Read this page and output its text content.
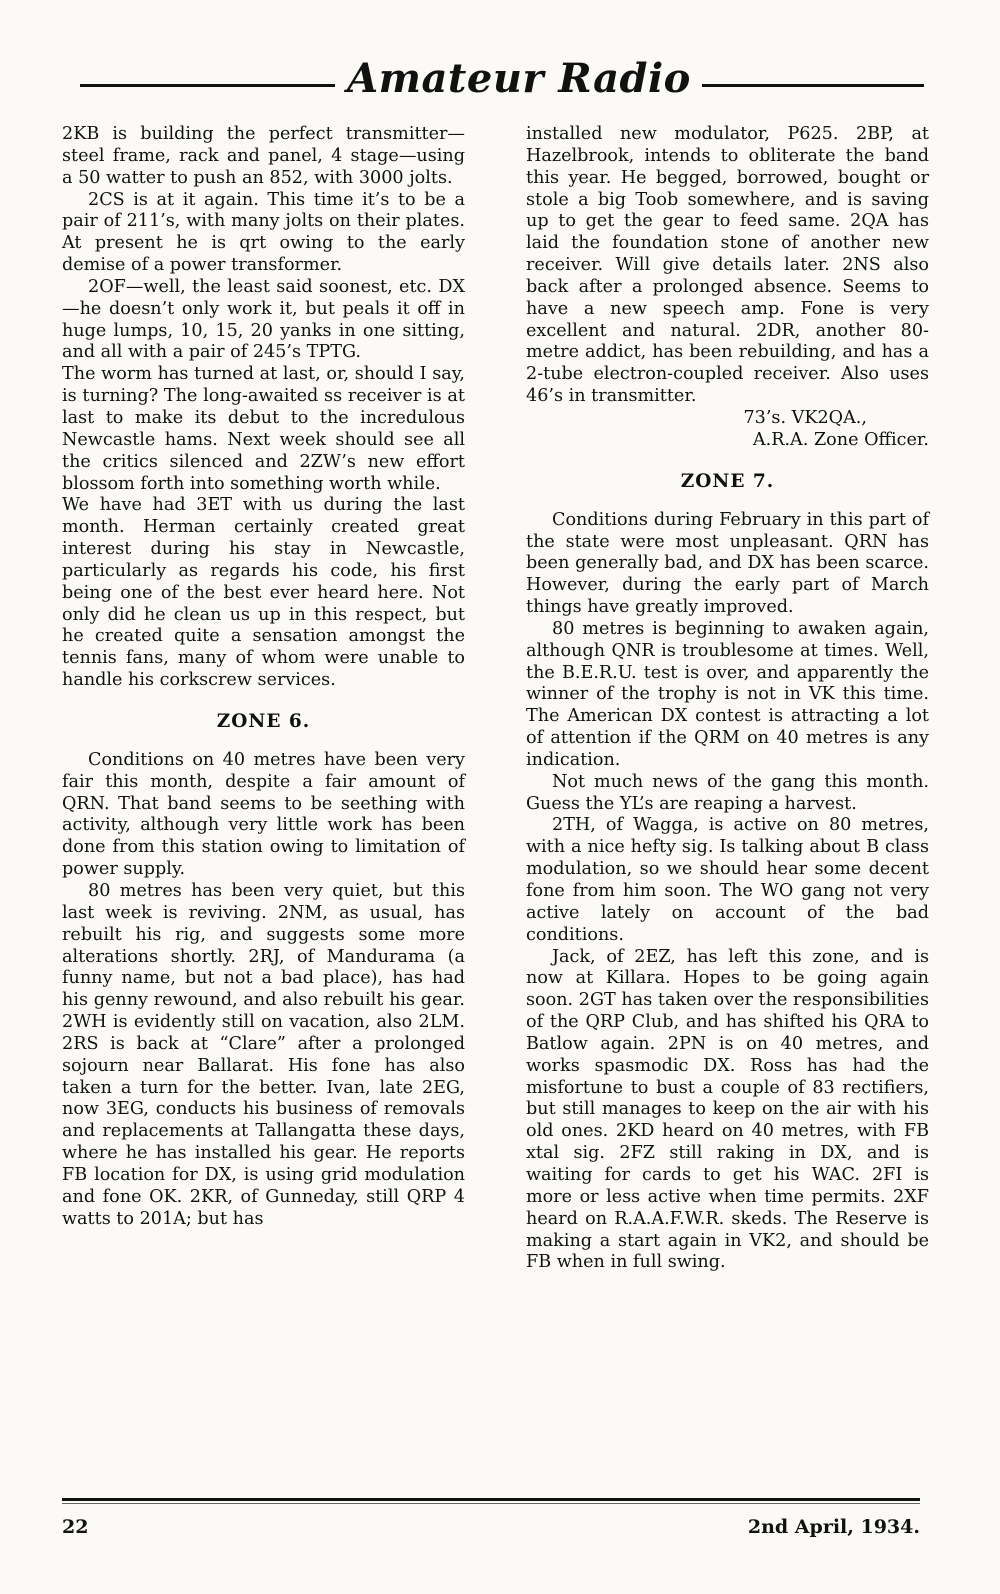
Amateur Radio

2KB is building the perfect transmitter—steel frame, rack and panel, 4 stage—using a 50 watter to push an 852, with 3000 jolts.

2CS is at it again. This time it’s to be a pair of 211’s, with many jolts on their plates. At present he is qrt owing to the early demise of a power transformer.

2OF—well, the least said soonest, etc. DX—he doesn’t only work it, but peals it off in huge lumps, 10, 15, 20 yanks in one sitting, and all with a pair of 245’s TPTG.

The worm has turned at last, or, should I say, is turning? The long-awaited ss receiver is at last to make its debut to the incredulous Newcastle hams. Next week should see all the critics silenced and 2ZW’s new effort blossom forth into something worth while.

We have had 3ET with us during the last month. Herman certainly created great interest during his stay in Newcastle, particularly as regards his code, his first being one of the best ever heard here. Not only did he clean us up in this respect, but he created quite a sensation amongst the tennis fans, many of whom were unable to handle his corkscrew services.

ZONE 6.

Conditions on 40 metres have been very fair this month, despite a fair amount of QRN. That band seems to be seething with activity, although very little work has been done from this station owing to limitation of power supply.

80 metres has been very quiet, but this last week is reviving. 2NM, as usual, has rebuilt his rig, and suggests some more alterations shortly. 2RJ, of Mandurama (a funny name, but not a bad place), has had his genny rewound, and also rebuilt his gear. 2WH is evidently still on vacation, also 2LM. 2RS is back at “Clare” after a prolonged sojourn near Ballarat. His fone has also taken a turn for the better. Ivan, late 2EG, now 3EG, conducts his business of removals and replacements at Tallangatta these days, where he has installed his gear. He reports FB location for DX, is using grid modulation and fone OK. 2KR, of Gunneday, still QRP 4 watts to 201A; but has

installed new modulator, P625. 2BP, at Hazelbrook, intends to obliterate the band this year. He begged, borrowed, bought or stole a big Toob somewhere, and is saving up to get the gear to feed same. 2QA has laid the foundation stone of another new receiver. Will give details later. 2NS also back after a prolonged absence. Seems to have a new speech amp. Fone is very excellent and natural. 2DR, another 80-metre addict, has been rebuilding, and has a 2-tube electron-coupled receiver. Also uses 46’s in transmitter.

73’s. VK2QA.,

A.R.A. Zone Officer.

ZONE 7.

Conditions during February in this part of the state were most unpleasant. QRN has been generally bad, and DX has been scarce. However, during the early part of March things have greatly improved.

80 metres is beginning to awaken again, although QNR is troublesome at times. Well, the B.E.R.U. test is over, and apparently the winner of the trophy is not in VK this time. The American DX contest is attracting a lot of attention if the QRM on 40 metres is any indication.

Not much news of the gang this month. Guess the YL’s are reaping a harvest.

2TH, of Wagga, is active on 80 metres, with a nice hefty sig. Is talking about B class modulation, so we should hear some decent fone from him soon. The WO gang not very active lately on account of the bad conditions.

Jack, of 2EZ, has left this zone, and is now at Killara. Hopes to be going again soon. 2GT has taken over the responsibilities of the QRP Club, and has shifted his QRA to Batlow again. 2PN is on 40 metres, and works spasmodic DX. Ross has had the misfortune to bust a couple of 83 rectifiers, but still manages to keep on the air with his old ones. 2KD heard on 40 metres, with FB xtal sig. 2FZ still raking in DX, and is waiting for cards to get his WAC. 2FI is more or less active when time permits. 2XF heard on R.A.A.F.W.R. skeds. The Reserve is making a start again in VK2, and should be FB when in full swing.

22	2nd April, 1934.
